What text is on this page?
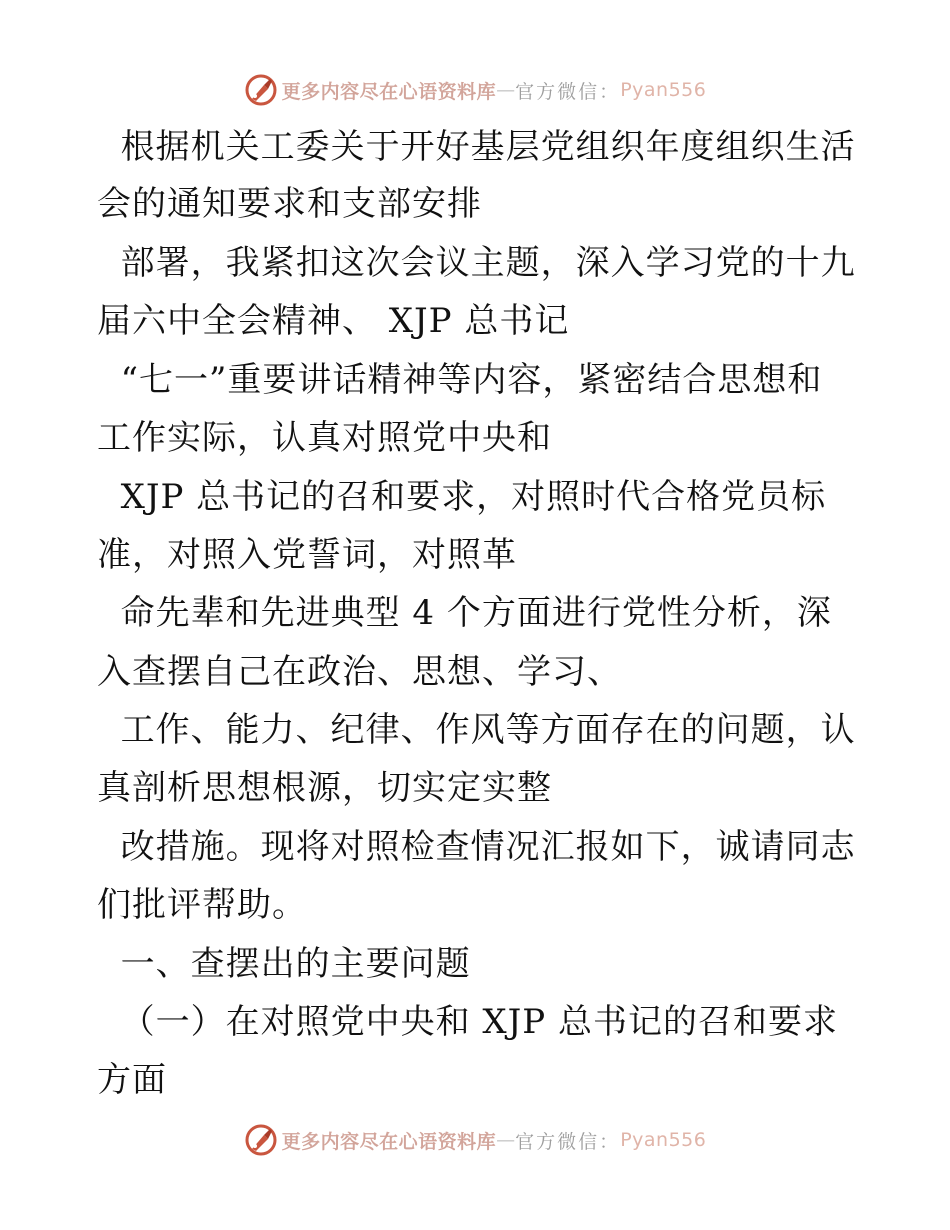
更多内容尽在心语资料库 — 官方微信： Pyan556
根据机关工委关于开好基层党组织年度组织生活
会的通知要求和支部安排
部署，我紧扣这次会议主题，深入学习党的十九
届六中全会精神、 XJP 总书记
“七一”重要讲话精神等内容，紧密结合思想和
工作实际，认真对照党中央和
XJP 总书记的召和要求，对照时代合格党员标
准，对照入党誓词，对照革
命先辈和先进典型 4 个方面进行党性分析，深
入查摆自己在政治、思想、学习、
工作、能力、纪律、作风等方面存在的问题，认
真剖析思想根源，切实定实整
改措施。现将对照检查情况汇报如下，诚请同志
们批评帮助。
一、查摆出的主要问题
（一）在对照党中央和 XJP 总书记的召和要求
方面
更多内容尽在心语资料库 — 官方微信： Pyan556
